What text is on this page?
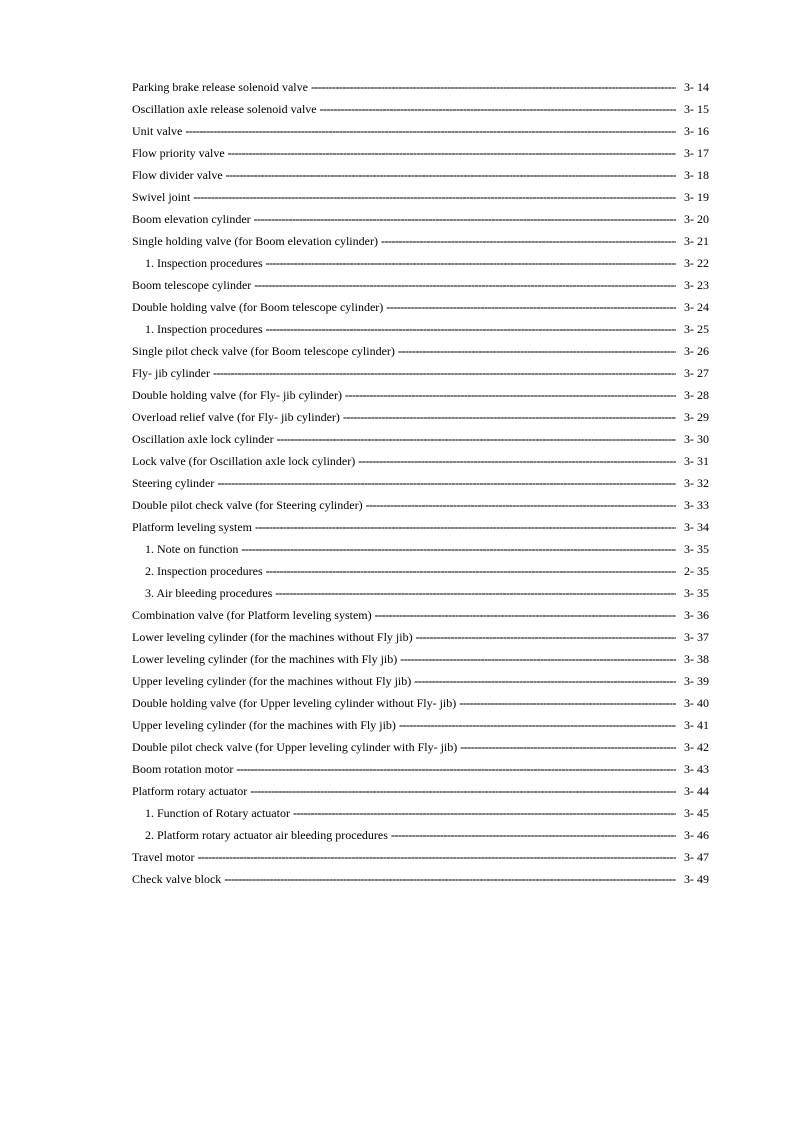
Parking brake release solenoid valve -----	3- 14
Oscillation axle release solenoid valve -----	3- 15
Unit valve -----	3- 16
Flow priority valve -----	3- 17
Flow divider valve -----	3- 18
Swivel joint -----	3- 19
Boom elevation cylinder -----	3- 20
Single holding valve (for Boom elevation cylinder) -----	3- 21
1. Inspection procedures -----	3- 22
Boom telescope cylinder -----	3- 23
Double holding valve (for Boom telescope cylinder) -----	3- 24
1. Inspection procedures -----	3- 25
Single pilot check valve (for Boom telescope cylinder) -----	3- 26
Fly- jib cylinder -----	3- 27
Double holding valve (for Fly- jib cylinder) -----	3- 28
Overload relief valve (for Fly- jib cylinder) -----	3- 29
Oscillation axle lock cylinder -----	3- 30
Lock valve (for Oscillation axle lock cylinder) -----	3- 31
Steering cylinder -----	3- 32
Double pilot check valve (for Steering cylinder) -----	3- 33
Platform leveling system -----	3- 34
1. Note on function -----	3- 35
2. Inspection procedures -----	2- 35
3. Air bleeding procedures -----	3- 35
Combination valve (for Platform leveling system) -----	3- 36
Lower leveling cylinder (for the machines without Fly jib) -----	3- 37
Lower leveling cylinder (for the machines with Fly jib) -----	3- 38
Upper leveling cylinder (for the machines without Fly jib) -----	3- 39
Double holding valve (for Upper leveling cylinder without Fly- jib) -----	3- 40
Upper leveling cylinder (for the machines with Fly jib) -----	3- 41
Double pilot check valve (for Upper leveling cylinder with Fly- jib) -----	3- 42
Boom rotation motor -----	3- 43
Platform rotary actuator -----	3- 44
1. Function of Rotary actuator -----	3- 45
2. Platform rotary actuator air bleeding procedures -----	3- 46
Travel motor -----	3- 47
Check valve block -----	3- 49
